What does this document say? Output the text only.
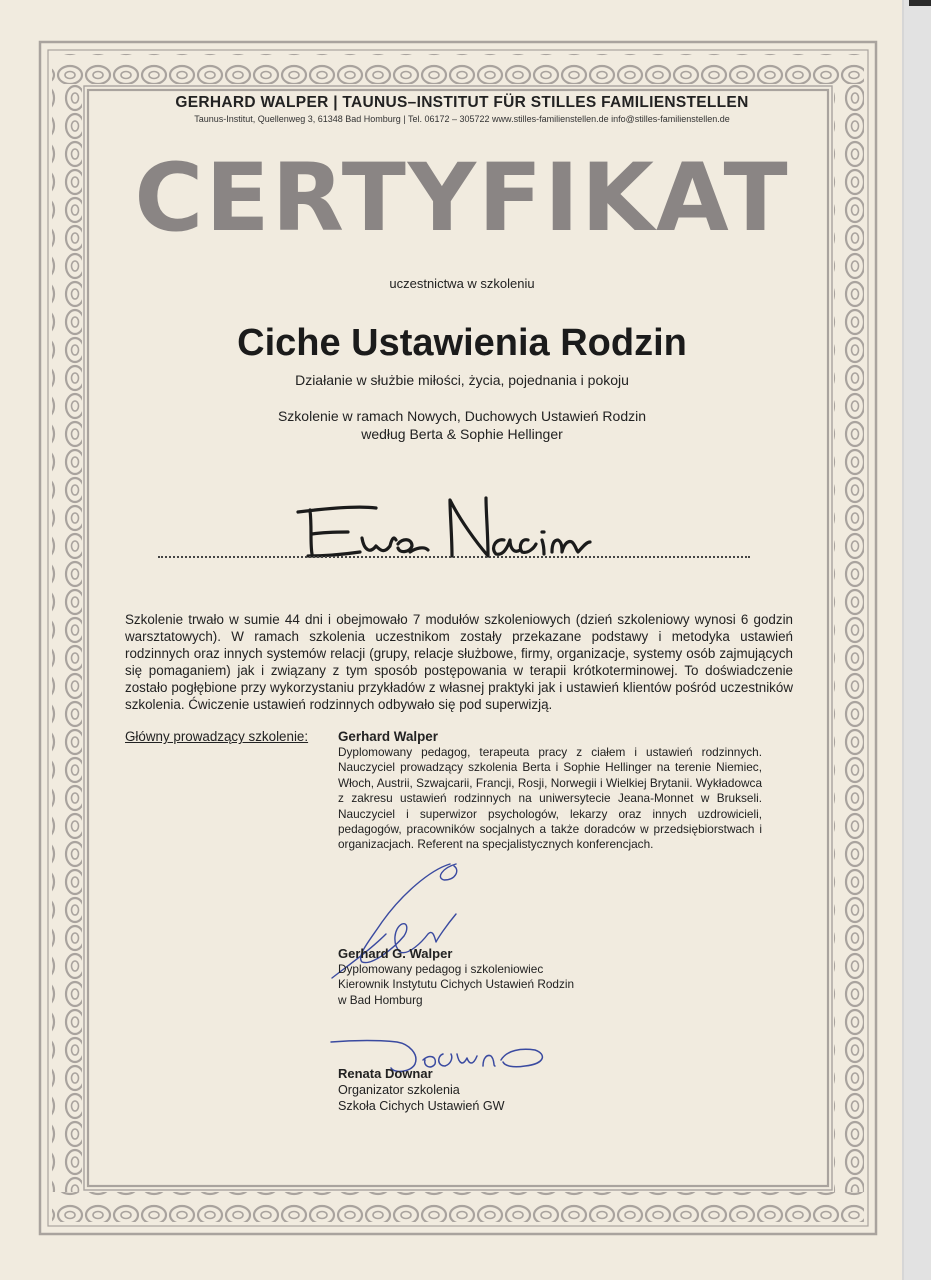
GERHARD WALPER | TAUNUS–INSTITUT FÜR STILLES FAMILIENSTELLEN
Taunus-Institut, Quellenweg 3, 61348 Bad Homburg | Tel. 06172 – 305722 www.stilles-familienstellen.de info@stilles-familienstellen.de
CERTYFIKAT
uczestnictwa w szkoleniu
Ciche Ustawienia Rodzin
Działanie w służbie miłości, życia, pojednania i pokoju
Szkolenie w ramach Nowych, Duchowych Ustawień Rodzin
według Berta & Sophie Hellinger
Szkolenie trwało w sumie 44 dni i obejmowało 7 modułów szkoleniowych (dzień szkoleniowy wynosi 6 godzin warsztatowych). W ramach szkolenia uczestnikom zostały przekazane podstawy i metodyka ustawień rodzinnych oraz innych systemów relacji (grupy, relacje służbowe, firmy, organizacje, systemy osób zajmujących się pomaganiem) jak i związany z tym sposób postępowania w terapii krótkoterminowej. To doświadczenie zostało pogłębione przy wykorzystaniu przykładów z własnej praktyki jak i ustawień klientów pośród uczestników szkolenia. Ćwiczenie ustawień rodzinnych odbywało się pod superwizją.
Główny prowadzący szkolenie: Gerhard Walper
Dyplomowany pedagog, terapeuta pracy z ciałem i ustawień rodzinnych. Nauczyciel prowadzący szkolenia Berta i Sophie Hellinger na terenie Niemiec, Włoch, Austrii, Szwajcarii, Francji, Rosji, Norwegii i Wielkiej Brytanii. Wykładowca z zakresu ustawień rodzinnych na uniwersytecie Jeana-Monnet w Brukseli. Nauczyciel i superwizor psychologów, lekarzy oraz innych uzdrowicieli, pedagogów, pracowników socjalnych a także doradców w przedsiębiorstwach i organizacjach. Referent na specjalistycznych konferencjach.
Gerhard G. Walper
Dyplomowany pedagog i szkoleniowiec
Kierownik Instytutu Cichych Ustawień Rodzin
w Bad Homburg
Renata Downar
Organizator szkolenia
Szkoła Cichych Ustawień GW
